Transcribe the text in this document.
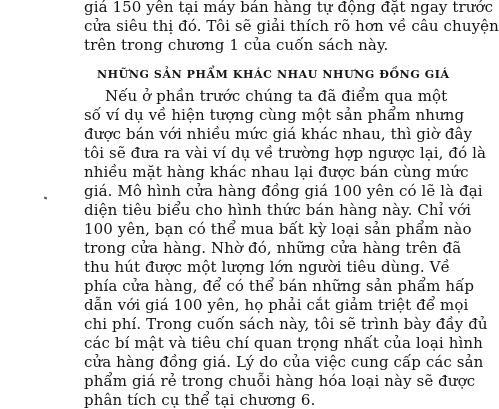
giá 150 yên tại máy bán hàng tự động đặt ngay trước
cửa siêu thị đó. Tôi sẽ giải thích rõ hơn về câu chuyện
trên trong chương 1 của cuốn sách này.
NHỮNG SẢN PHẨM KHÁC NHAU NHƯNG ĐỒNG GIÁ
Nếu ở phần trước chúng ta đã điểm qua một
số ví dụ về hiện tượng cùng một sản phẩm nhưng
được bán với nhiều mức giá khác nhau, thì giờ đây
tôi sẽ đưa ra vài ví dụ về trường hợp ngược lại, đó là
nhiều mặt hàng khác nhau lại được bán cùng mức
giá. Mô hình cửa hàng đồng giá 100 yên có lẽ là đại
diện tiêu biểu cho hình thức bán hàng này. Chỉ với
100 yên, bạn có thể mua bất kỳ loại sản phẩm nào
trong cửa hàng. Nhờ đó, những cửa hàng trên đã
thu hút được một lượng lớn người tiêu dùng. Về
phía cửa hàng, để có thể bán những sản phẩm hấp
dẫn với giá 100 yên, họ phải cắt giảm triệt để mọi
chi phí. Trong cuốn sách này, tôi sẽ trình bày đầy đủ
các bí mật và tiêu chí quan trọng nhất của loại hình
cửa hàng đồng giá. Lý do của việc cung cấp các sản
phẩm giá rẻ trong chuỗi hàng hóa loại này sẽ được
phân tích cụ thể tại chương 6.
